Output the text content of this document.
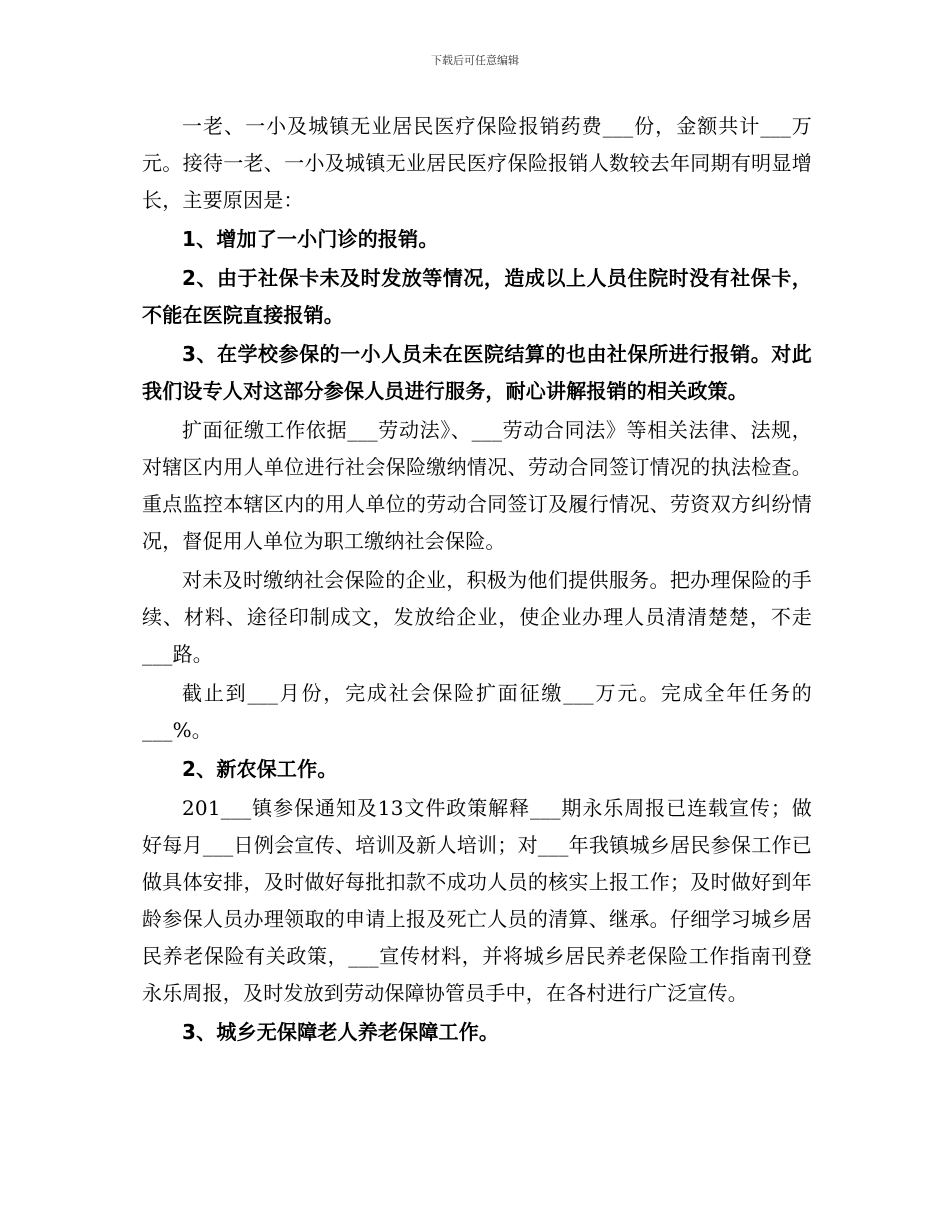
下载后可任意编辑

一老、一小及城镇无业居民医疗保险报销药费___份，金额共计___万元。接待一老、一小及城镇无业居民医疗保险报销人数较去年同期有明显增长，主要原因是：

1、增加了一小门诊的报销。

2、由于社保卡未及时发放等情况，造成以上人员住院时没有社保卡，不能在医院直接报销。

3、在学校参保的一小人员未在医院结算的也由社保所进行报销。对此我们设专人对这部分参保人员进行服务，耐心讲解报销的相关政策。

扩面征缴工作依据___劳动法》、___劳动合同法》等相关法律、法规，对辖区内用人单位进行社会保险缴纳情况、劳动合同签订情况的执法检查。重点监控本辖区内的用人单位的劳动合同签订及履行情况、劳资双方纠纷情况，督促用人单位为职工缴纳社会保险。

对未及时缴纳社会保险的企业，积极为他们提供服务。把办理保险的手续、材料、途径印制成文，发放给企业，使企业办理人员清清楚楚，不走___路。

截止到___月份，完成社会保险扩面征缴___万元。完成全年任务的___%。

2、新农保工作。

201___镇参保通知及13文件政策解释___期永乐周报已连载宣传；做好每月___日例会宣传、培训及新人培训；对___年我镇城乡居民参保工作已做具体安排，及时做好每批扣款不成功人员的核实上报工作；及时做好到年龄参保人员办理领取的申请上报及死亡人员的清算、继承。仔细学习城乡居民养老保险有关政策，___宣传材料，并将城乡居民养老保险工作指南刊登永乐周报，及时发放到劳动保障协管员手中，在各村进行广泛宣传。

3、城乡无保障老人养老保障工作。
